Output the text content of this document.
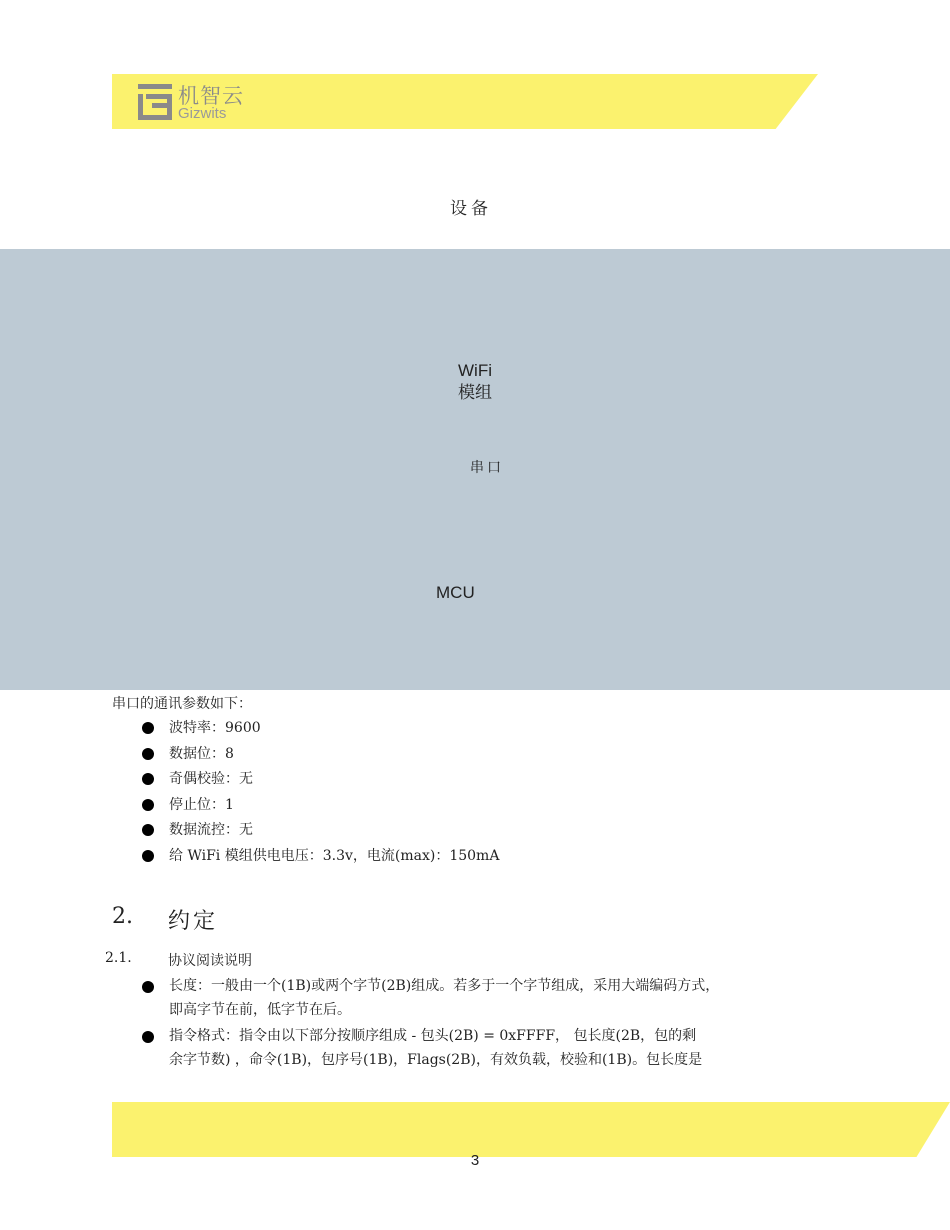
机智云
Gizwits
设备
WiFi
模组
串口
MCU
串口的通讯参数如下：
波特率：9600
数据位：8
奇偶校验：无
停止位：1
数据流控：无
给 WiFi 模组供电电压：3.3v，电流(max)：150mA
2. 约定
2.1.	协议阅读说明
长度：一般由一个(1B)或两个字节(2B)组成。若多于一个字节组成，采用大端编码方式，
即高字节在前，低字节在后。
指令格式：指令由以下部分按顺序组成 - 包头(2B) = 0xFFFF， 包长度(2B，包的剩
余字节数) ，命令(1B)，包序号(1B)，Flags(2B)，有效负载，校验和(1B)。包长度是
3
